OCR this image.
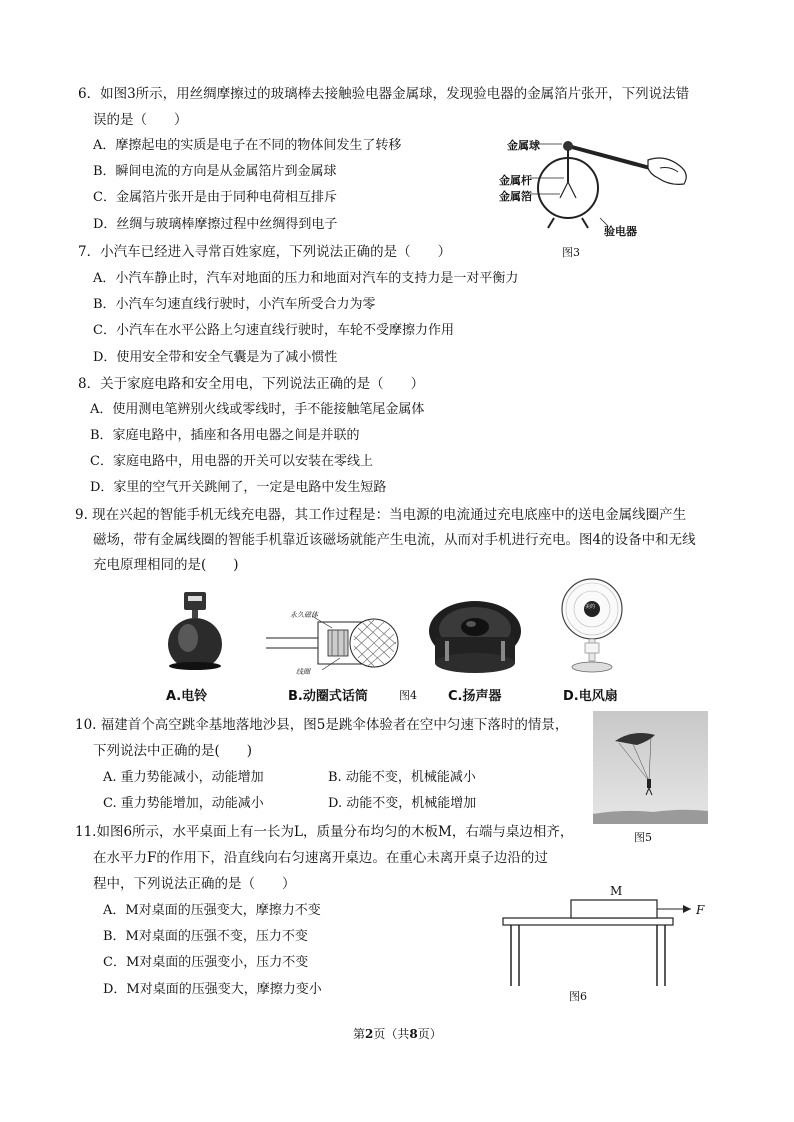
6．如图3所示，用丝绸摩擦过的玻璃棒去接触验电器金属球，发现验电器的金属箔片张开，下列说法错
误的是（　　）
A．摩擦起电的实质是电子在不同的物体间发生了转移
B．瞬间电流的方向是从金属箔片到金属球
C．金属箔片张开是由于同种电荷相互排斥
D．丝绸与玻璃棒摩擦过程中丝绸得到电子
金属球
金属杆
金属箔
验电器
图3
7．小汽车已经进入寻常百姓家庭，下列说法正确的是（　　）
A．小汽车静止时，汽车对地面的压力和地面对汽车的支持力是一对平衡力
B．小汽车匀速直线行驶时，小汽车所受合力为零
C．小汽车在水平公路上匀速直线行驶时，车轮不受摩擦力作用
D．使用安全带和安全气囊是为了减小惯性
8．关于家庭电路和安全用电，下列说法正确的是（　　）
A．使用测电笔辨别火线或零线时，手不能接触笔尾金属体
B．家庭电路中，插座和各用电器之间是并联的
C．家庭电路中，用电器的开关可以安装在零线上
D．家里的空气开关跳闸了，一定是电路中发生短路
9. 现在兴起的智能手机无线充电器，其工作过程是：当电源的电流通过充电底座中的送电金属线圈产生
磁场，带有金属线圈的智能手机靠近该磁场就能产生电流，从而对手机进行充电。图4的设备中和无线
充电原理相同的是(　　)
永久磁体
线圈
美的
A.电铃	B.动圈式话筒	图4 C.扬声器	D.电风扇
10. 福建首个高空跳伞基地落地沙县，图5是跳伞体验者在空中匀速下落时的情景，
下列说法中正确的是(　　)
A. 重力势能减小，动能增加	B. 动能不变，机械能减小
C. 重力势能增加，动能减小	D. 动能不变，机械能增加
图5
11.如图6所示，水平桌面上有一长为L，质量分布均匀的木板M，右端与桌边相齐，
在水平力F的作用下，沿直线向右匀速离开桌边。在重心未离开桌子边沿的过
程中，下列说法正确的是（　　）
A．M对桌面的压强变大，摩擦力不变
B．M对桌面的压强不变，压力不变
C．M对桌面的压强变小，压力不变
D．M对桌面的压强变大，摩擦力变小
M
F
图6
第2页（共8页）
